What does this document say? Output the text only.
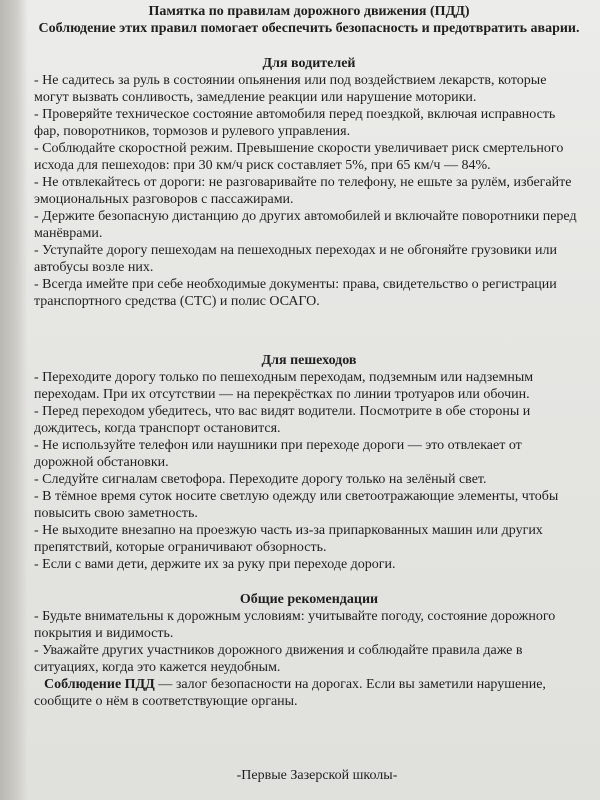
Памятка по правилам дорожного движения (ПДД)

Соблюдение этих правил помогает обеспечить безопасность и предотвратить аварии.

Для водителей

- Не садитесь за руль в состоянии опьянения или под воздействием лекарств, которые могут вызвать сонливость, замедление реакции или нарушение моторики.
- Проверяйте техническое состояние автомобиля перед поездкой, включая исправность фар, поворотников, тормозов и рулевого управления.
- Соблюдайте скоростной режим. Превышение скорости увеличивает риск смертельного исхода для пешеходов: при 30 км/ч риск составляет 5%, при 65 км/ч — 84%.
- Не отвлекайтесь от дороги: не разговаривайте по телефону, не ешьте за рулём, избегайте эмоциональных разговоров с пассажирами.
- Держите безопасную дистанцию до других автомобилей и включайте поворотники перед манёврами.
- Уступайте дорогу пешеходам на пешеходных переходах и не обгоняйте грузовики или автобусы возле них.
- Всегда имейте при себе необходимые документы: права, свидетельство о регистрации транспортного средства (СТС) и полис ОСАГО.

Для пешеходов

- Переходите дорогу только по пешеходным переходам, подземным или надземным переходам. При их отсутствии — на перекрёстках по линии тротуаров или обочин.
- Перед переходом убедитесь, что вас видят водители. Посмотрите в обе стороны и дождитесь, когда транспорт остановится.
- Не используйте телефон или наушники при переходе дороги — это отвлекает от дорожной обстановки.
- Следуйте сигналам светофора. Переходите дорогу только на зелёный свет.
- В тёмное время суток носите светлую одежду или светоотражающие элементы, чтобы повысить свою заметность.
- Не выходите внезапно на проезжую часть из-за припаркованных машин или других препятствий, которые ограничивают обзорность.
- Если с вами дети, держите их за руку при переходе дороги.

Общие рекомендации

- Будьте внимательны к дорожным условиям: учитывайте погоду, состояние дорожного покрытия и видимость.
- Уважайте других участников дорожного движения и соблюдайте правила даже в ситуациях, когда это кажется неудобным.

Соблюдение ПДД — залог безопасности на дорогах. Если вы заметили нарушение, сообщите о нём в соответствующие органы.

-Первые Зазерской школы-
